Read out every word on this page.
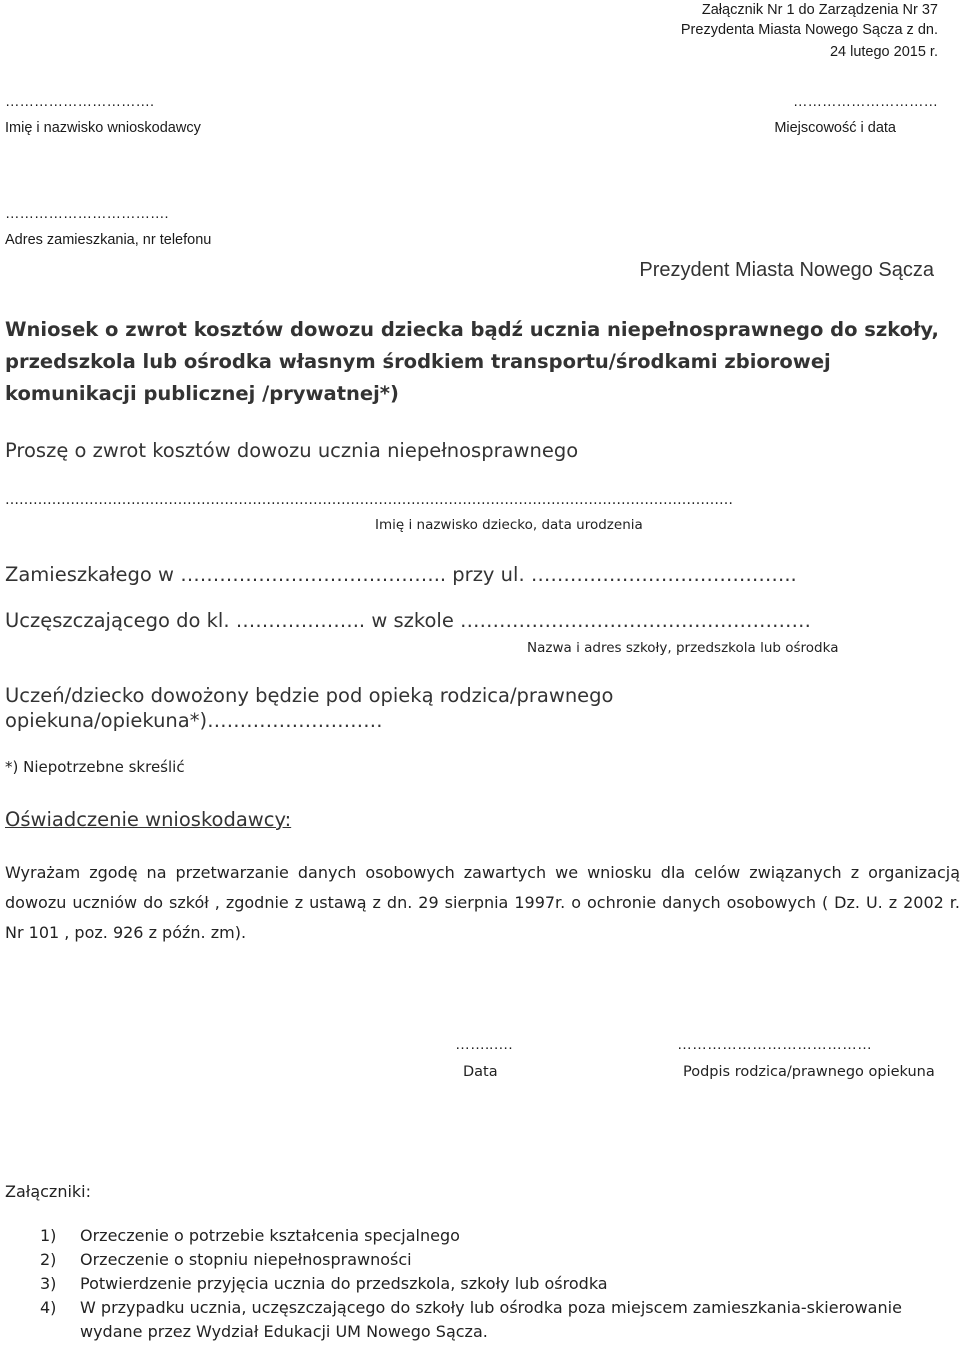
Załącznik Nr 1 do Zarządzenia Nr 37
Prezydenta Miasta Nowego Sącza z dn.
24 lutego 2015 r.
………………………….
Imię i nazwisko wnioskodawcy
…………………………
Miejscowość i data
…………………………….
Adres zamieszkania, nr telefonu
Prezydent Miasta Nowego Sącza
Wniosek o zwrot kosztów dowozu dziecka bądź ucznia niepełnosprawnego do szkoły, przedszkola lub ośrodka własnym środkiem transportu/środkami zbiorowej komunikacji publicznej /prywatnej*)
Proszę o zwrot kosztów dowozu ucznia niepełnosprawnego
…………………………………………………………………………………………………………………………………………
Imię i nazwisko dziecko, data urodzenia
Zamieszkałego w ………………………………….. przy ul. …………………………………..
Uczęszczającego do kl. ……………….. w szkole ………………………………………………
Nazwa i adres szkoły, przedszkola lub ośrodka
Uczeń/dziecko dowożony będzie pod opieką rodzica/prawnego
opiekuna/opiekuna*)………………………
*) Niepotrzebne skreślić
Oświadczenie wnioskodawcy:
Wyrażam zgodę na przetwarzanie danych osobowych zawartych we wniosku dla celów związanych z organizacją dowozu uczniów do szkół , zgodnie z ustawą z dn. 29 sierpnia 1997r. o ochronie danych osobowych ( Dz. U. z 2002 r. Nr 101 , poz. 926 z późn. zm).
……..….
Data
…………………………………
Podpis rodzica/prawnego opiekuna
Załączniki:
1) Orzeczenie o potrzebie kształcenia specjalnego
2) Orzeczenie o stopniu niepełnosprawności
3) Potwierdzenie przyjęcia ucznia do przedszkola, szkoły lub ośrodka
4) W przypadku ucznia, uczęszczającego do szkoły lub ośrodka poza miejscem zamieszkania-skierowanie wydane przez Wydział Edukacji UM Nowego Sącza.
